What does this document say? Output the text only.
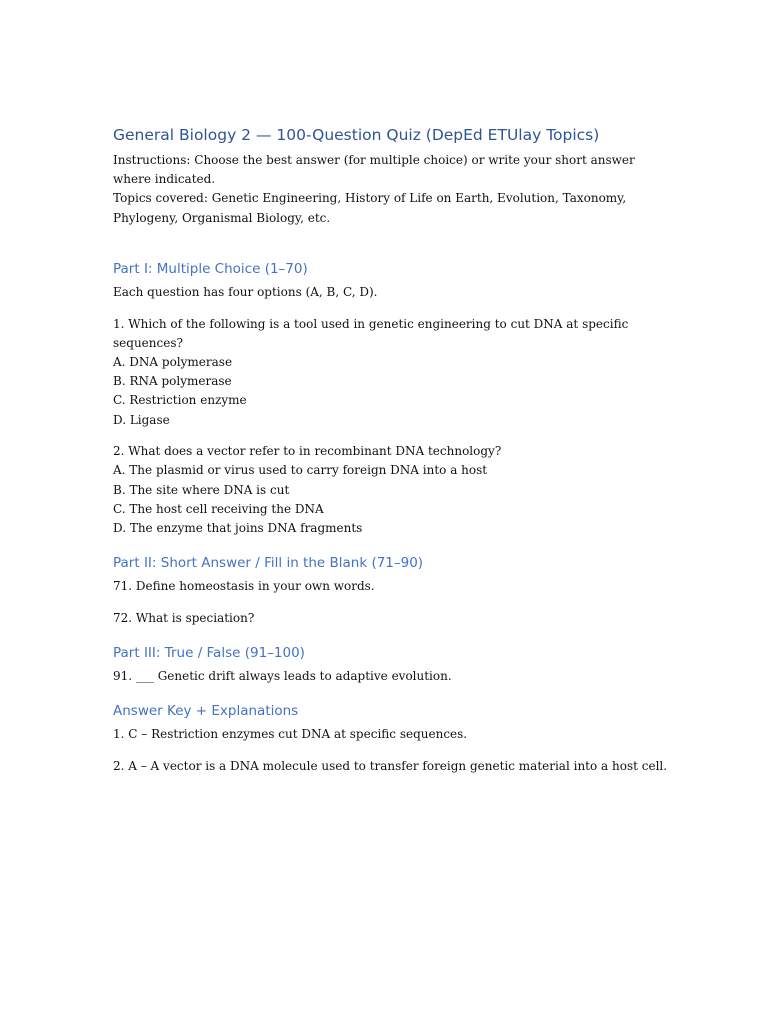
General Biology 2 — 100-Question Quiz (DepEd ETUlay Topics)
Instructions: Choose the best answer (for multiple choice) or write your short answer
where indicated.
Topics covered: Genetic Engineering, History of Life on Earth, Evolution, Taxonomy,
Phylogeny, Organismal Biology, etc.
Part I: Multiple Choice (1–70)
Each question has four options (A, B, C, D).
1. Which of the following is a tool used in genetic engineering to cut DNA at specific
sequences?
A. DNA polymerase
B. RNA polymerase
C. Restriction enzyme
D. Ligase
2. What does a vector refer to in recombinant DNA technology?
A. The plasmid or virus used to carry foreign DNA into a host
B. The site where DNA is cut
C. The host cell receiving the DNA
D. The enzyme that joins DNA fragments
Part II: Short Answer / Fill in the Blank (71–90)
71. Define homeostasis in your own words.
72. What is speciation?
Part III: True / False (91–100)
91. ___ Genetic drift always leads to adaptive evolution.
Answer Key + Explanations
1. C – Restriction enzymes cut DNA at specific sequences.
2. A – A vector is a DNA molecule used to transfer foreign genetic material into a host cell.
